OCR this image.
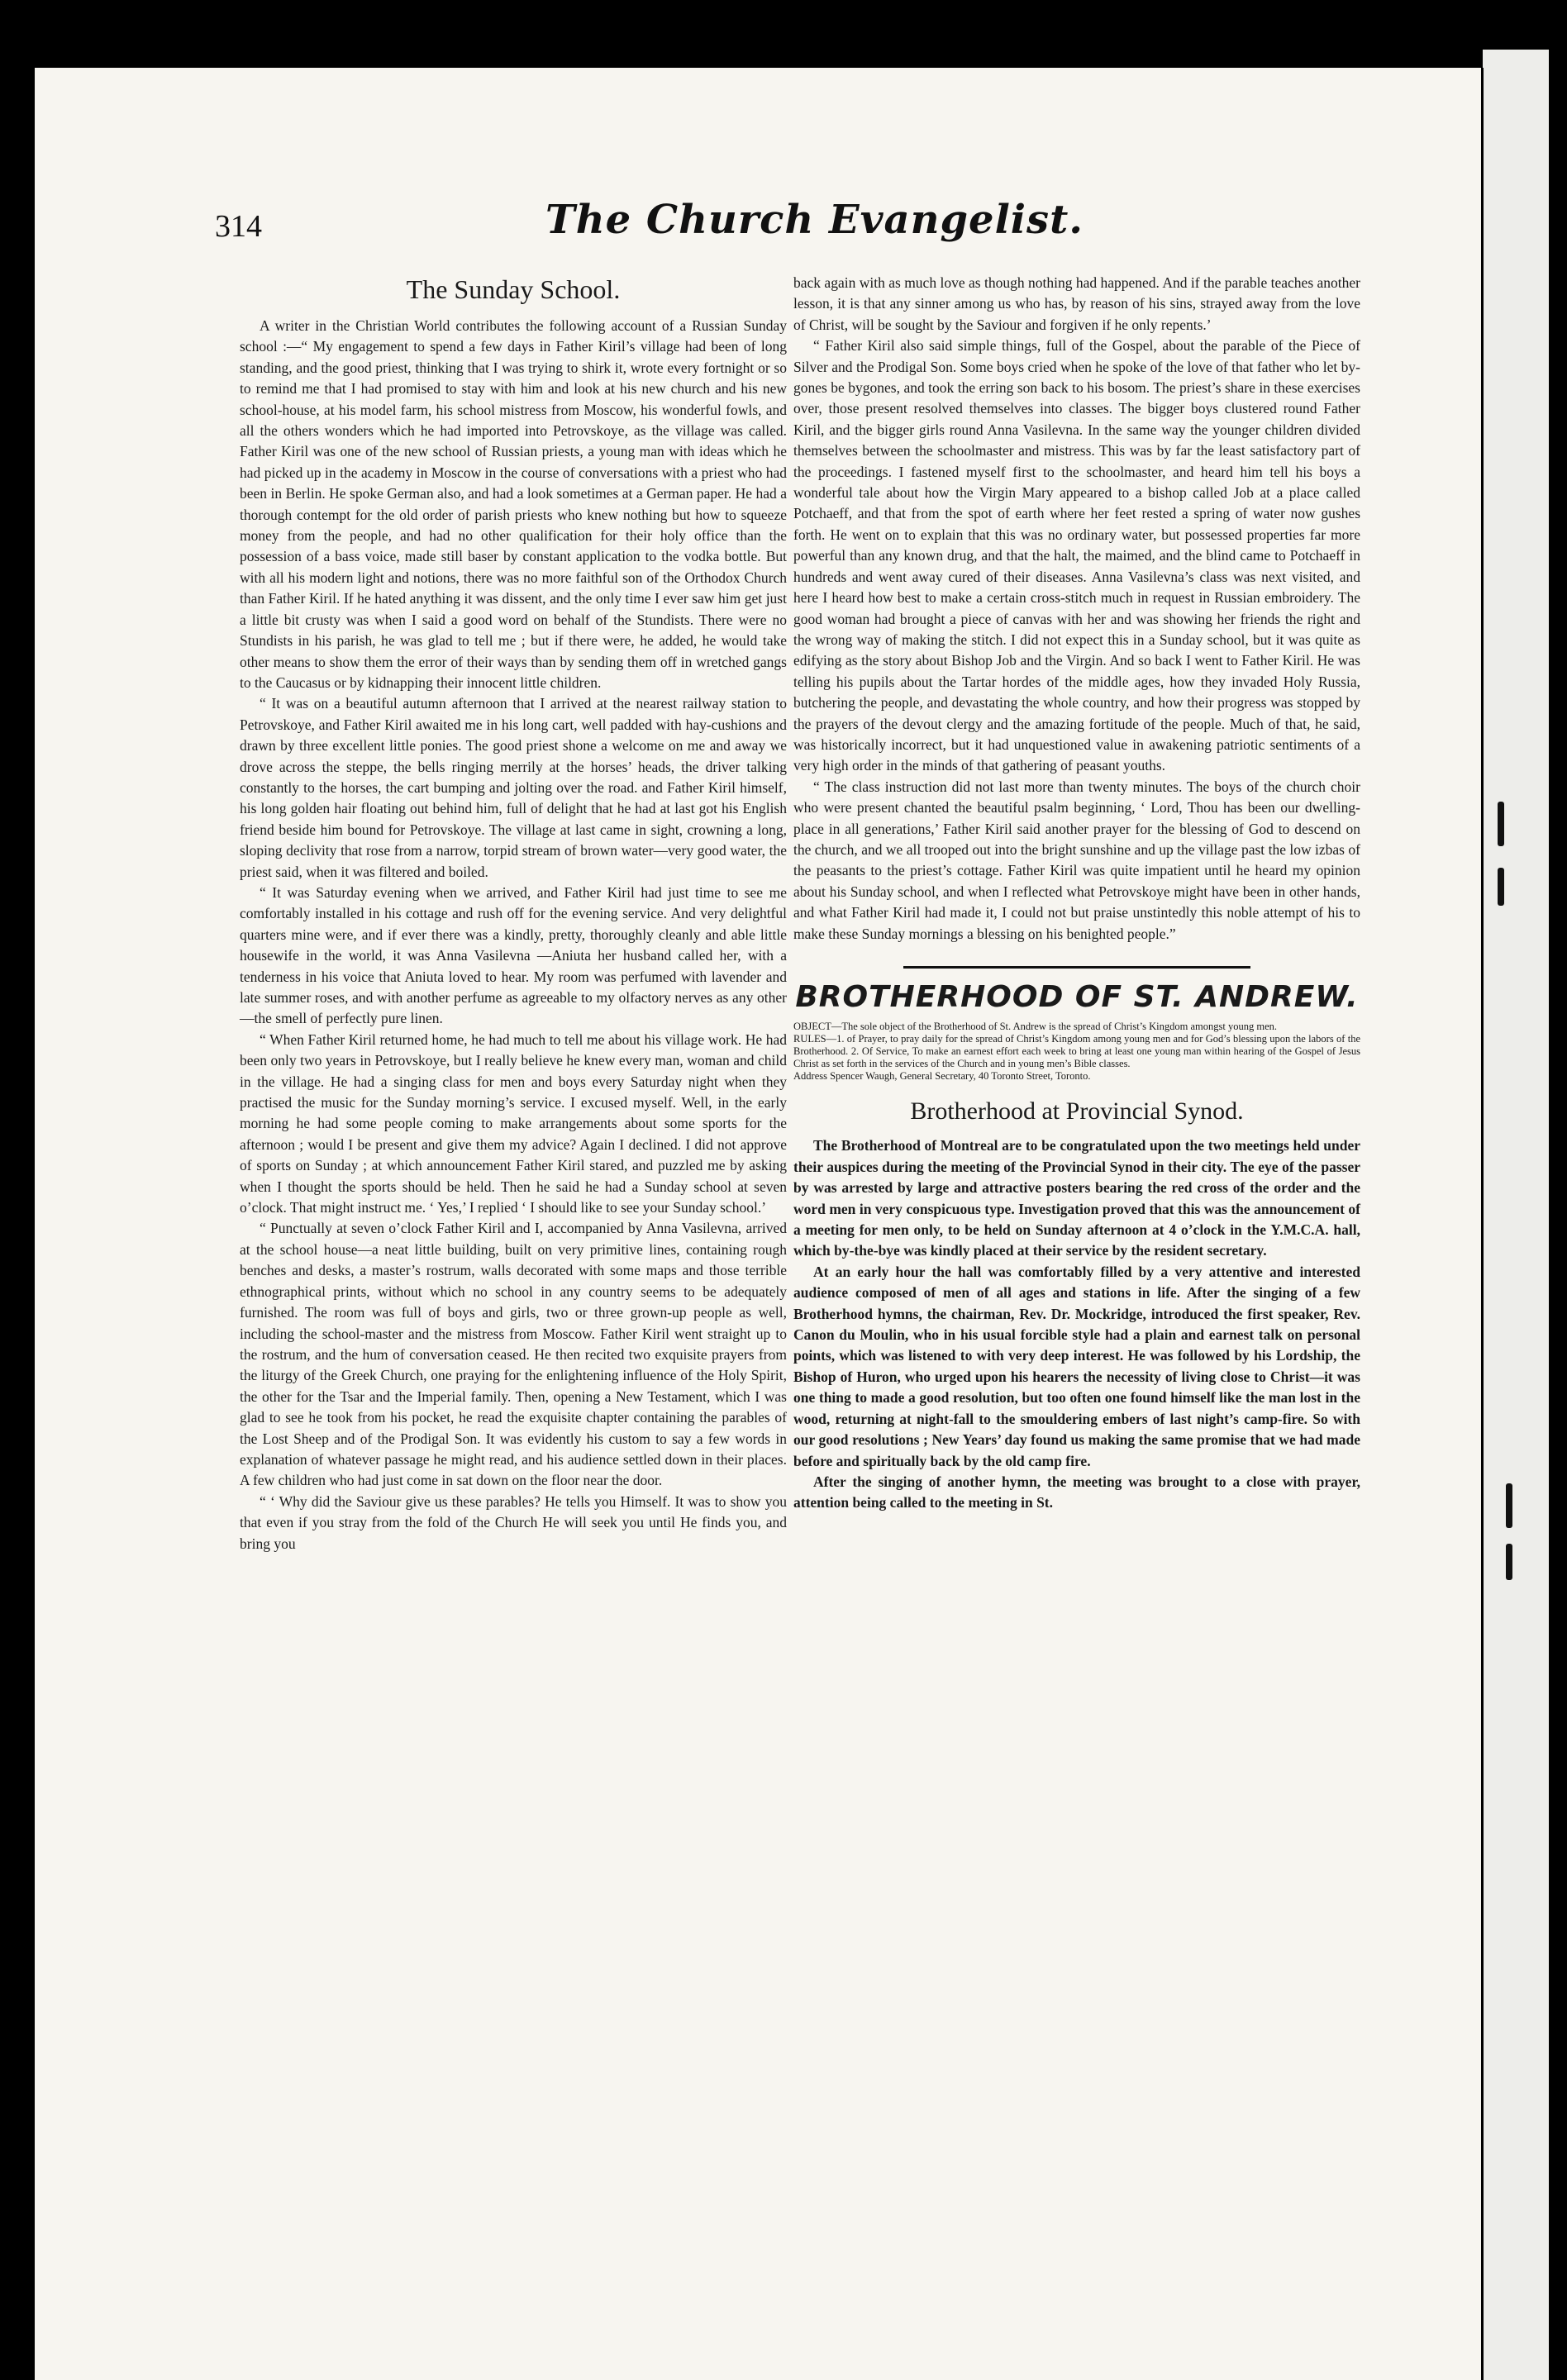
314	The Church Evangelist.
The Sunday School.

A writer in the Christian World contributes the following account of a Russian Sunday school :—“ My engagement to spend a few days in Father Kiril’s village had been of long standing, and the good priest, thinking that I was trying to shirk it, wrote every fortnight or so to remind me that I had promised to stay with him and look at his new church and his new school-house, at his model farm, his school mistress from Moscow, his wonderful fowls, and all the others wonders which he had imported into Petrovskoye, as the village was called. Father Kiril was one of the new school of Russian priests, a young man with ideas which he had picked up in the academy in Moscow in the course of conversations with a priest who had been in Berlin. He spoke German also, and had a look sometimes at a German paper. He had a thorough contempt for the old order of parish priests who knew nothing but how to squeeze money from the people, and had no other qualification for their holy office than the possession of a bass voice, made still baser by constant application to the vodka bottle. But with all his modern light and notions, there was no more faithful son of the Orthodox Church than Father Kiril. If he hated anything it was dissent, and the only time I ever saw him get just a little bit crusty was when I said a good word on behalf of the Stundists. There were no Stundists in his parish, he was glad to tell me ; but if there were, he added, he would take other means to show them the error of their ways than by sending them off in wretched gangs to the Caucasus or by kidnapping their innocent little children.

“ It was on a beautiful autumn afternoon that I arrived at the nearest railway station to Petrovskoye, and Father Kiril awaited me in his long cart, well padded with hay-cushions and drawn by three excellent little ponies. The good priest shone a welcome on me and away we drove across the steppe, the bells ringing merrily at the horses’ heads, the driver talking constantly to the horses, the cart bumping and jolting over the road. and Father Kiril himself, his long golden hair floating out behind him, full of delight that he had at last got his English friend beside him bound for Petrovskoye. The village at last came in sight, crowning a long, sloping declivity that rose from a narrow, torpid stream of brown water—very good water, the priest said, when it was filtered and boiled.

“ It was Saturday evening when we arrived, and Father Kiril had just time to see me comfortably installed in his cottage and rush off for the evening service. And very delightful quarters mine were, and if ever there was a kindly, pretty, thoroughly cleanly and able little housewife in the world, it was Anna Vasilevna —Aniuta her husband called her, with a tenderness in his voice that Aniuta loved to hear. My room was perfumed with lavender and late summer roses, and with another perfume as agreeable to my olfactory nerves as any other—the smell of perfectly pure linen.

“ When Father Kiril returned home, he had much to tell me about his village work. He had been only two years in Petrovskoye, but I really believe he knew every man, woman and child in the village. He had a singing class for men and boys every Saturday night when they practised the music for the Sunday morning’s service. I excused myself. Well, in the early morning he had some people coming to make arrangements about some sports for the afternoon ; would I be present and give them my advice? Again I declined. I did not approve of sports on Sunday ; at which announcement Father Kiril stared, and puzzled me by asking when I thought the sports should be held. Then he said he had a Sunday school at seven o’clock. That might instruct me. ‘ Yes,’ I replied ‘ I should like to see your Sunday school.’

“ Punctually at seven o’clock Father Kiril and I, accompanied by Anna Vasilevna, arrived at the school house—a neat little building, built on very primitive lines, containing rough benches and desks, a master’s rostrum, walls decorated with some maps and those terrible ethnographical prints, without which no school in any country seems to be adequately furnished. The room was full of boys and girls, two or three grown-up people as well, including the school-master and the mistress from Moscow. Father Kiril went straight up to the rostrum, and the hum of conversation ceased. He then recited two exquisite prayers from the liturgy of the Greek Church, one praying for the enlightening influence of the Holy Spirit, the other for the Tsar and the Imperial family. Then, opening a New Testament, which I was glad to see he took from his pocket, he read the exquisite chapter containing the parables of the Lost Sheep and of the Prodigal Son. It was evidently his custom to say a few words in explanation of whatever passage he might read, and his audience settled down in their places. A few children who had just come in sat down on the floor near the door.

“ ‘ Why did the Saviour give us these parables? He tells you Himself. It was to show you that even if you stray from the fold of the Church He will seek you until He finds you, and bring you

back again with as much love as though nothing had happened. And if the parable teaches another lesson, it is that any sinner among us who has, by reason of his sins, strayed away from the love of Christ, will be sought by the Saviour and forgiven if he only repents.’

“ Father Kiril also said simple things, full of the Gospel, about the parable of the Piece of Silver and the Prodigal Son. Some boys cried when he spoke of the love of that father who let by-gones be bygones, and took the erring son back to his bosom. The priest’s share in these exercises over, those present resolved themselves into classes. The bigger boys clustered round Father Kiril, and the bigger girls round Anna Vasilevna. In the same way the younger children divided themselves between the schoolmaster and mistress. This was by far the least satisfactory part of the proceedings. I fastened myself first to the schoolmaster, and heard him tell his boys a wonderful tale about how the Virgin Mary appeared to a bishop called Job at a place called Potchaeff, and that from the spot of earth where her feet rested a spring of water now gushes forth. He went on to explain that this was no ordinary water, but possessed properties far more powerful than any known drug, and that the halt, the maimed, and the blind came to Potchaeff in hundreds and went away cured of their diseases. Anna Vasilevna’s class was next visited, and here I heard how best to make a certain cross-stitch much in request in Russian embroidery. The good woman had brought a piece of canvas with her and was showing her friends the right and the wrong way of making the stitch. I did not expect this in a Sunday school, but it was quite as edifying as the story about Bishop Job and the Virgin. And so back I went to Father Kiril. He was telling his pupils about the Tartar hordes of the middle ages, how they invaded Holy Russia, butchering the people, and devastating the whole country, and how their progress was stopped by the prayers of the devout clergy and the amazing fortitude of the people. Much of that, he said, was historically incorrect, but it had unquestioned value in awakening patriotic sentiments of a very high order in the minds of that gathering of peasant youths.

“ The class instruction did not last more than twenty minutes. The boys of the church choir who were present chanted the beautiful psalm beginning, ‘ Lord, Thou has been our dwelling-place in all generations,’ Father Kiril said another prayer for the blessing of God to descend on the church, and we all trooped out into the bright sunshine and up the village past the low izbas of the peasants to the priest’s cottage. Father Kiril was quite impatient until he heard my opinion about his Sunday school, and when I reflected what Petrovskoye might have been in other hands, and what Father Kiril had made it, I could not but praise unstintedly this noble attempt of his to make these Sunday mornings a blessing on his benighted people.”

BROTHERHOOD OF ST. ANDREW.

OBJECT—The sole object of the Brotherhood of St. Andrew is the spread of Christ’s Kingdom amongst young men.

RULES—1. of Prayer, to pray daily for the spread of Christ’s Kingdom among young men and for God’s blessing upon the labors of the Brotherhood. 2. Of Service, To make an earnest effort each week to bring at least one young man within hearing of the Gospel of Jesus Christ as set forth in the services of the Church and in young men’s Bible classes.

Address Spencer Waugh, General Secretary, 40 Toronto Street, Toronto.

Brotherhood at Provincial Synod.

The Brotherhood of Montreal are to be congratulated upon the two meetings held under their auspices during the meeting of the Provincial Synod in their city. The eye of the passer by was arrested by large and attractive posters bearing the red cross of the order and the word men in very conspicuous type. Investigation proved that this was the announcement of a meeting for men only, to be held on Sunday afternoon at 4 o’clock in the Y.M.C.A. hall, which by-the-bye was kindly placed at their service by the resident secretary.

At an early hour the hall was comfortably filled by a very attentive and interested audience composed of men of all ages and stations in life. After the singing of a few Brotherhood hymns, the chairman, Rev. Dr. Mockridge, introduced the first speaker, Rev. Canon du Moulin, who in his usual forcible style had a plain and earnest talk on personal points, which was listened to with very deep interest. He was followed by his Lordship, the Bishop of Huron, who urged upon his hearers the necessity of living close to Christ—it was one thing to made a good resolution, but too often one found himself like the man lost in the wood, returning at night-fall to the smouldering embers of last night’s camp-fire. So with our good resolutions ; New Years’ day found us making the same promise that we had made before and spiritually back by the old camp fire.

After the singing of another hymn, the meeting was brought to a close with prayer, attention being called to the meeting in St.
